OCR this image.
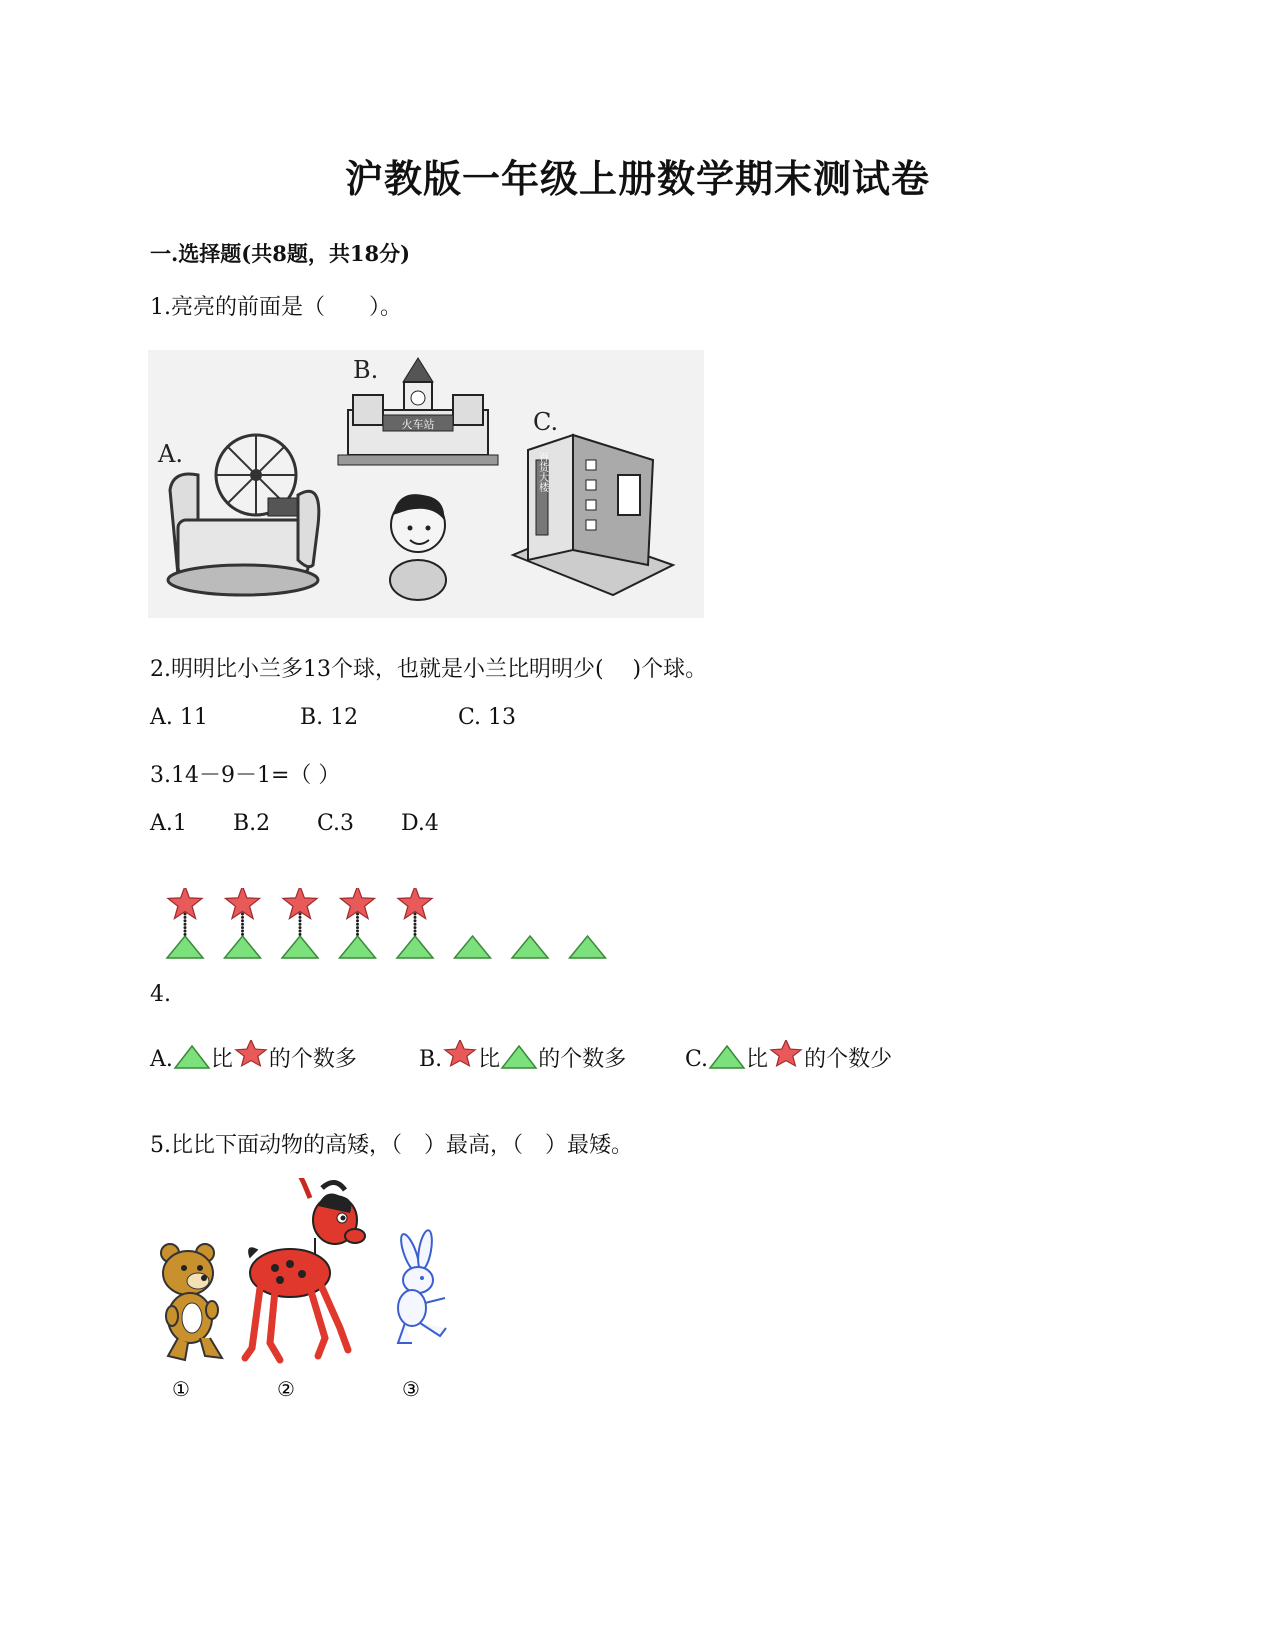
沪教版一年级上册数学期末测试卷
一.选择题(共8题，共18分)
1.亮亮的前面是（　　）。
A.
B.
火车站	C.
百货大楼
2.明明比小兰多13个球，也就是小兰比明明少(　 )个球。
A. 11	B. 12	C. 13
3.14－9－1=（ ）
A.1 B.2 C.3 D.4
4.
A. 比 的个数多	B. 比 的个数多	C. 比 的个数少
5.比比下面动物的高矮，（　）最高，（　）最矮。
①	②	③
